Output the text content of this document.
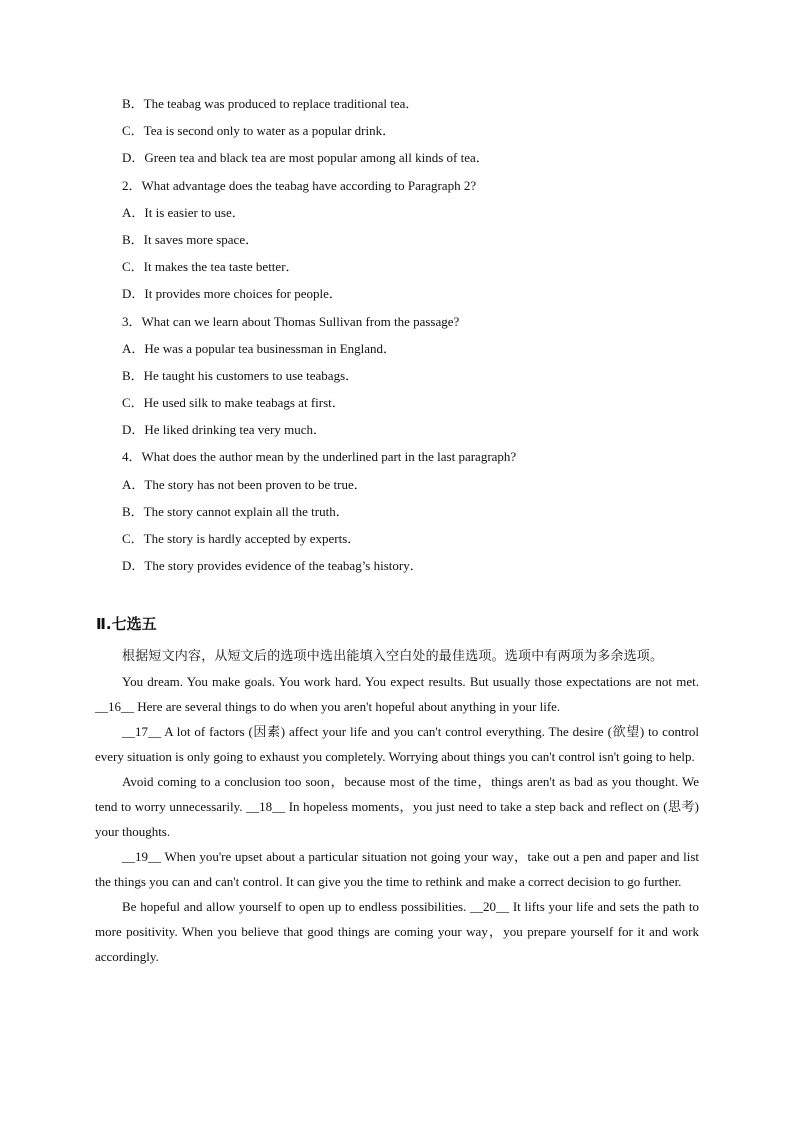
B．The teabag was produced to replace traditional tea．
C．Tea is second only to water as a popular drink．
D．Green tea and black tea are most popular among all kinds of tea．
2．What advantage does the teabag have according to Paragraph 2?
A．It is easier to use．
B．It saves more space．
C．It makes the tea taste better．
D．It provides more choices for people．
3．What can we learn about Thomas Sullivan from the passage?
A．He was a popular tea businessman in England．
B．He taught his customers to use teabags．
C．He used silk to make teabags at first．
D．He liked drinking tea very much．
4．What does the author mean by the underlined part in the last paragraph?
A．The story has not been proven to be true．
B．The story cannot explain all the truth．
C．The story is hardly accepted by experts．
D．The story provides evidence of the teabag’s history．
Ⅱ.七选五

根据短文内容，从短文后的选项中选出能填入空白处的最佳选项。选项中有两项为多余选项。

You dream. You make goals. You work hard. You expect results. But usually those expectations are not met. __16__ Here are several things to do when you aren't hopeful about anything in your life.

__17__ A lot of factors (因素) affect your life and you can't control everything. The desire (欲望) to control every situation is only going to exhaust you completely. Worrying about things you can't control isn't going to help.

Avoid coming to a conclusion too soon，because most of the time，things aren't as bad as you thought. We tend to worry unnecessarily. __18__ In hopeless moments，you just need to take a step back and reflect on (思考) your thoughts.

__19__ When you're upset about a particular situation not going your way，take out a pen and paper and list the things you can and can't control. It can give you the time to rethink and make a correct decision to go further.

Be hopeful and allow yourself to open up to endless possibilities. __20__ It lifts your life and sets the path to more positivity. When you believe that good things are coming your way，you prepare yourself for it and work accordingly.
